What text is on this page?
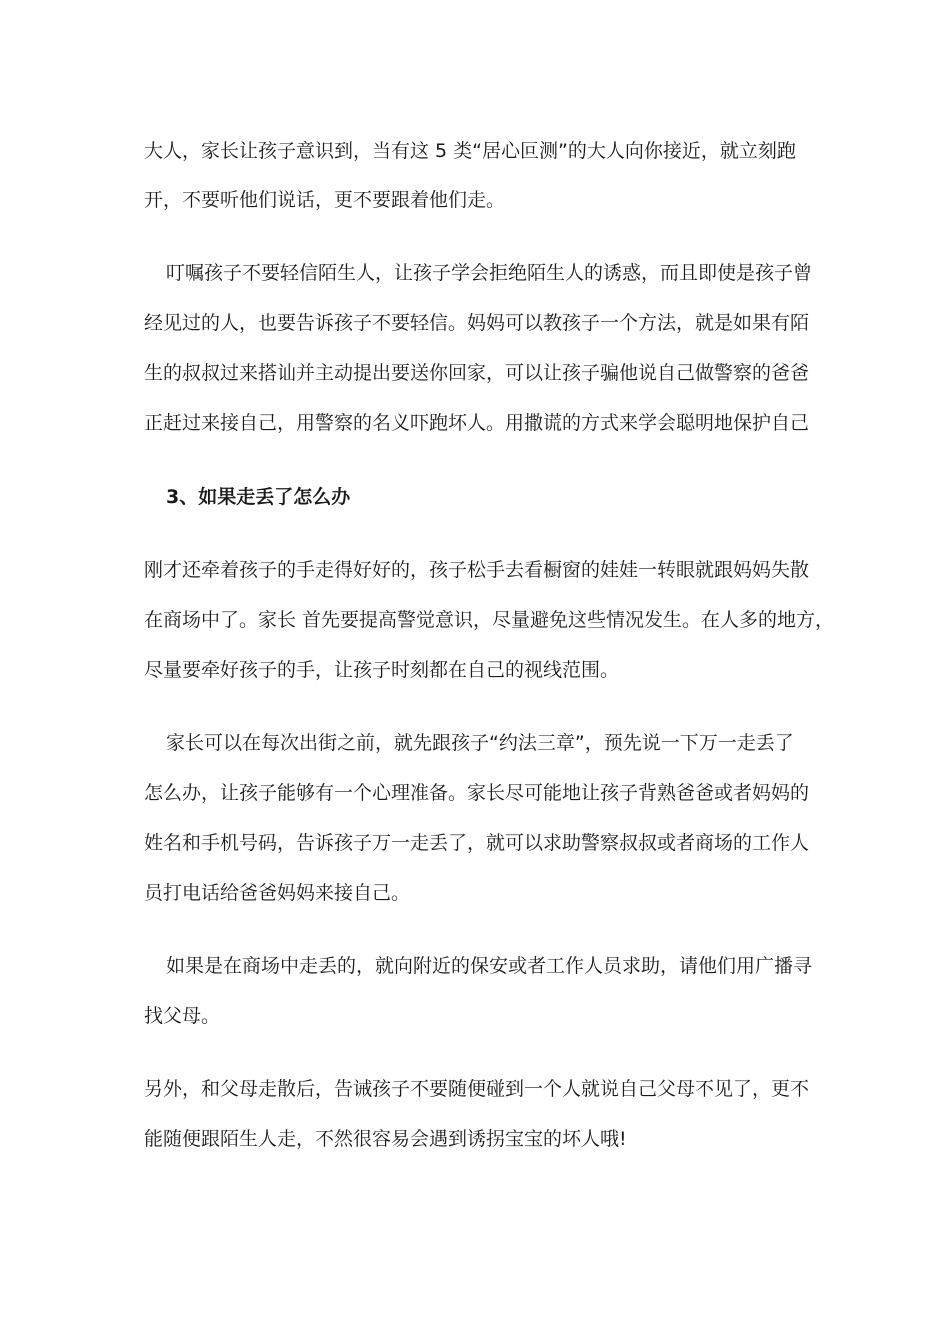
大人，家长让孩子意识到，当有这 5 类“居心叵测”的大人向你接近，就立刻跑
开，不要听他们说话，更不要跟着他们走。
叮嘱孩子不要轻信陌生人，让孩子学会拒绝陌生人的诱惑，而且即使是孩子曾
经见过的人，也要告诉孩子不要轻信。妈妈可以教孩子一个方法，就是如果有陌
生的叔叔过来搭讪并主动提出要送你回家，可以让孩子骗他说自己做警察的爸爸
正赶过来接自己，用警察的名义吓跑坏人。用撒谎的方式来学会聪明地保护自己
3、如果走丢了怎么办
刚才还牵着孩子的手走得好好的，孩子松手去看橱窗的娃娃一转眼就跟妈妈失散
在商场中了。家长 首先要提高警觉意识，尽量避免这些情况发生。在人多的地方，
尽量要牵好孩子的手，让孩子时刻都在自己的视线范围。
家长可以在每次出街之前，就先跟孩子“约法三章”，预先说一下万一走丢了
怎么办，让孩子能够有一个心理准备。家长尽可能地让孩子背熟爸爸或者妈妈的
姓名和手机号码，告诉孩子万一走丢了，就可以求助警察叔叔或者商场的工作人
员打电话给爸爸妈妈来接自己。
如果是在商场中走丢的，就向附近的保安或者工作人员求助，请他们用广播寻
找父母。
另外，和父母走散后，告诫孩子不要随便碰到一个人就说自己父母不见了，更不
能随便跟陌生人走，不然很容易会遇到诱拐宝宝的坏人哦!
